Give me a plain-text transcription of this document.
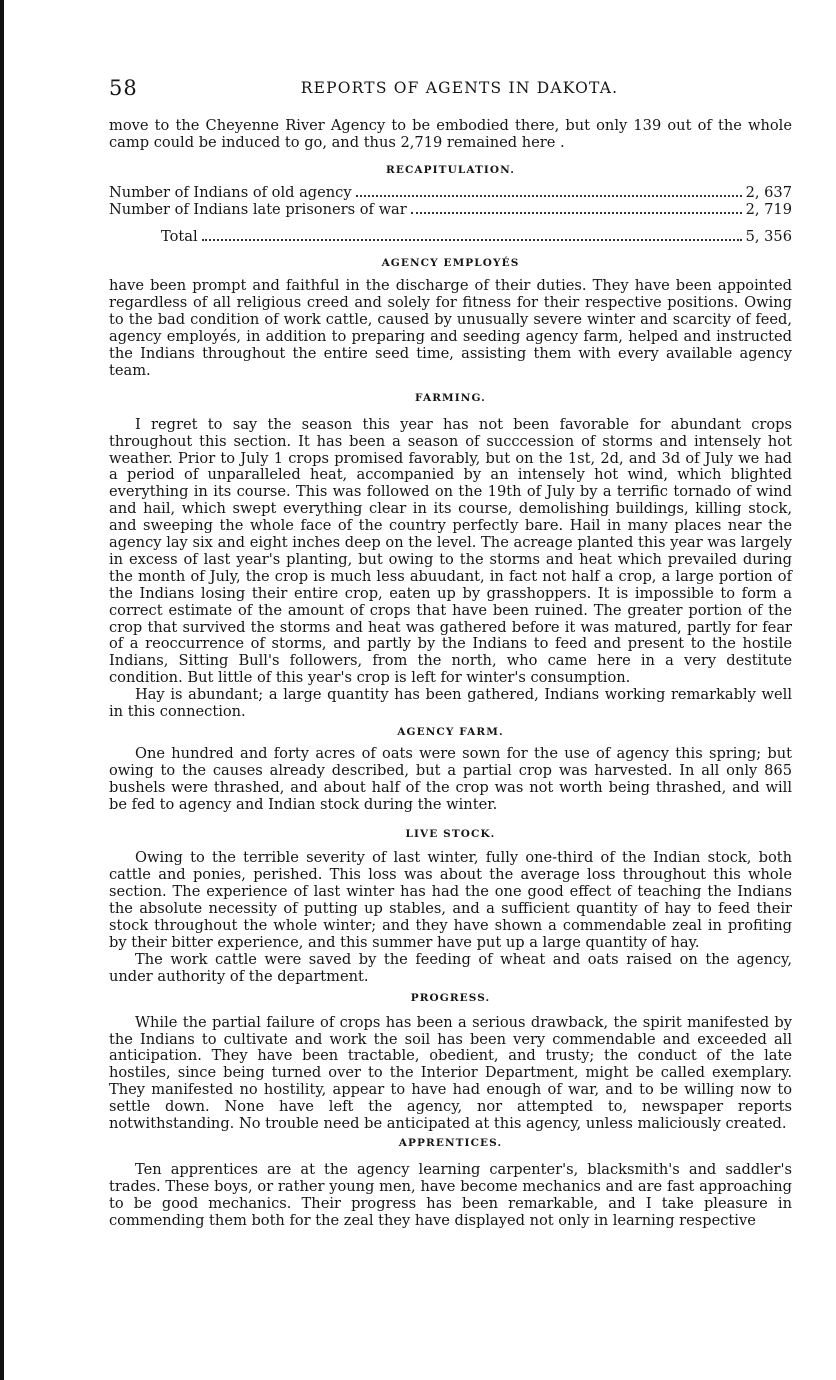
58	REPORTS OF AGENTS IN DAKOTA.

move to the Cheyenne River Agency to be embodied there, but only 139 out of the whole camp could be induced to go, and thus 2,719 remained here .

RECAPITULATION.
Number of Indians of old agency	2, 637
Number of Indians late prisoners of war	2, 719
Total	5, 356
AGENCY EMPLOYÉS

have been prompt and faithful in the discharge of their duties. They have been appointed regardless of all religious creed and solely for fitness for their respective positions. Owing to the bad condition of work cattle, caused by unusually severe winter and scarcity of feed, agency employés, in addition to preparing and seeding agency farm, helped and instructed the Indians throughout the entire seed time, assisting them with every available agency team.

FARMING.

I regret to say the season this year has not been favorable for abundant crops throughout this section. It has been a season of succcession of storms and intensely hot weather. Prior to July 1 crops promised favorably, but on the 1st, 2d, and 3d of July we had a period of unparalleled heat, accompanied by an intensely hot wind, which blighted everything in its course. This was followed on the 19th of July by a terrific tornado of wind and hail, which swept everything clear in its course, demolishing buildings, killing stock, and sweeping the whole face of the country perfectly bare. Hail in many places near the agency lay six and eight inches deep on the level. The acreage planted this year was largely in excess of last year's planting, but owing to the storms and heat which prevailed during the month of July, the crop is much less abuudant, in fact not half a crop, a large portion of the Indians losing their entire crop, eaten up by grasshoppers. It is impossible to form a correct estimate of the amount of crops that have been ruined. The greater portion of the crop that survived the storms and heat was gathered before it was matured, partly for fear of a reoccurrence of storms, and partly by the Indians to feed and present to the hostile Indians, Sitting Bull's followers, from the north, who came here in a very destitute condition. But little of this year's crop is left for winter's consumption.

Hay is abundant; a large quantity has been gathered, Indians working remarkably well in this connection.

AGENCY FARM.

One hundred and forty acres of oats were sown for the use of agency this spring; but owing to the causes already described, but a partial crop was harvested. In all only 865 bushels were thrashed, and about half of the crop was not worth being thrashed, and will be fed to agency and Indian stock during the winter.

LIVE STOCK.

Owing to the terrible severity of last winter, fully one-third of the Indian stock, both cattle and ponies, perished. This loss was about the average loss throughout this whole section. The experience of last winter has had the one good effect of teaching the Indians the absolute necessity of putting up stables, and a sufficient quantity of hay to feed their stock throughout the whole winter; and they have shown a commendable zeal in profiting by their bitter experience, and this summer have put up a large quantity of hay.

The work cattle were saved by the feeding of wheat and oats raised on the agency, under authority of the department.

PROGRESS.

While the partial failure of crops has been a serious drawback, the spirit manifested by the Indians to cultivate and work the soil has been very commendable and exceeded all anticipation. They have been tractable, obedient, and trusty; the conduct of the late hostiles, since being turned over to the Interior Department, might be called exemplary. They manifested no hostility, appear to have had enough of war, and to be willing now to settle down. None have left the agency, nor attempted to, newspaper reports notwithstanding. No trouble need be anticipated at this agency, unless maliciously created.

APPRENTICES.

Ten apprentices are at the agency learning carpenter's, blacksmith's and saddler's trades. These boys, or rather young men, have become mechanics and are fast approaching to be good mechanics. Their progress has been remarkable, and I take pleasure in commending them both for the zeal they have displayed not only in learning respective
